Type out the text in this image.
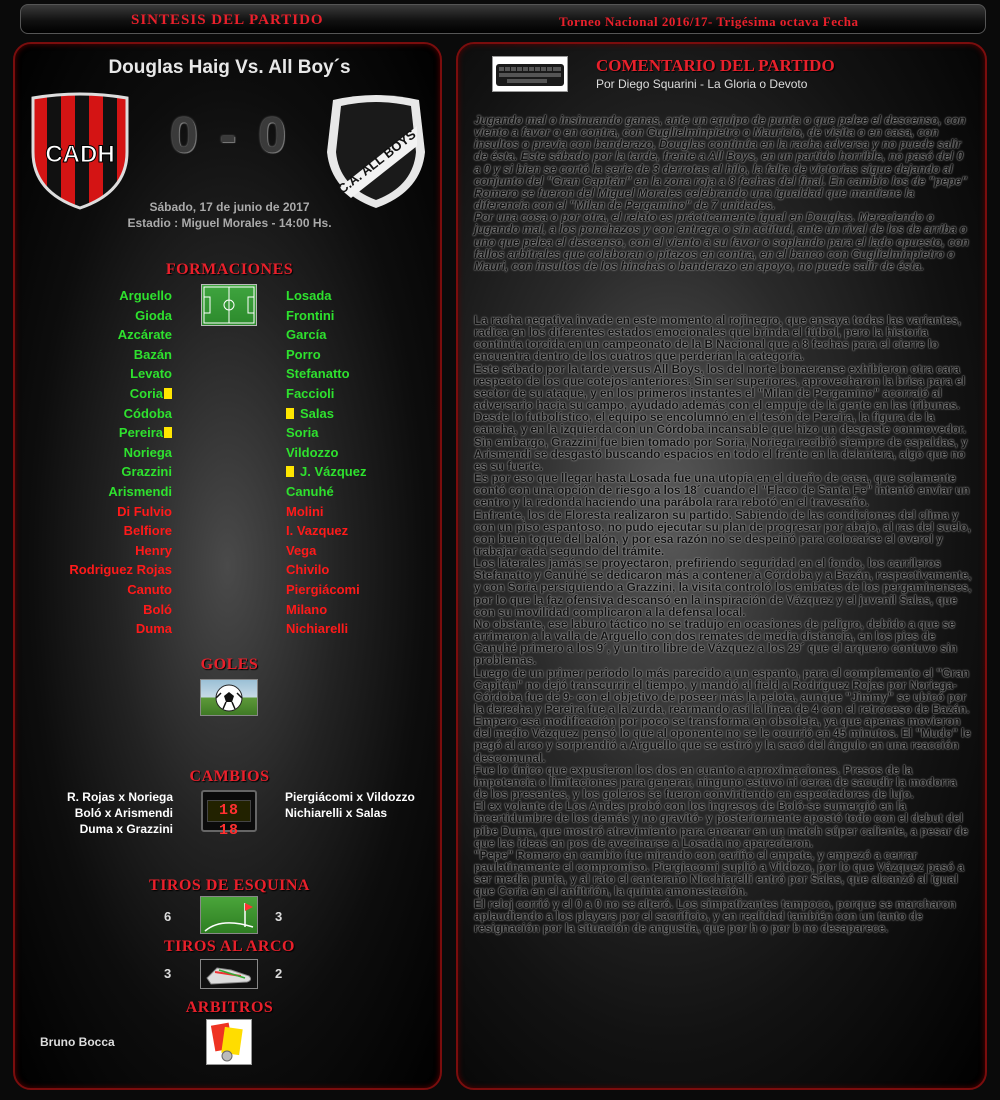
SINTESIS DEL PARTIDO	Torneo Nacional 2016/17- Trigésima octava Fecha
Douglas Haig Vs. All Boy´s
CADH 0 - 0	C.A. ALL BOYS
Sábado, 17 de junio de 2017
Estadio : Miguel Morales - 14:00 Hs.
FORMACIONES
Arguello
Gioda
Azcárate
Bazán
Levato
Coria
Códoba
Pereira
Noriega
Grazzini
Arismendi
Di Fulvio
Belfiore
Henry
Rodriguez Rojas
Canuto
Boló
Duma
Losada
Frontini
García
Porro
Stefanatto
Faccioli
Salas
Soria
Vildozzo
J. Vázquez
Canuhé
Molini
I. Vazquez
Vega
Chivilo
Piergiácomi
Milano
Nichiarelli
GOLES
CAMBIOS
R. Rojas x Noriega
Boló x Arismendi
Duma x Grazzini
18 18
Piergiácomi x Vildozzo
Nichiarelli x Salas
TIROS DE ESQUINA
6	3
TIROS AL ARCO
3	2
ARBITROS
Bruno Bocca
COMENTARIO DEL PARTIDO
Por Diego Squarini - La Gloria o Devoto

Jugando mal o insinuando ganas, ante un equipo de punta o que pelee el descenso, con viento a favor o en contra, con Guglielminpietro o Mauricio, de visita o en casa, con insultos o previa con banderazo, Douglas continúa en la racha adversa y no puede salir de ésta. Este sábado por la tarde, frente a All Boys, en un partido horrible, no pasó del 0 a 0 y si bien se cortó la serie de 3 derrotas al hilo, la falta de victorias sigue dejando al conjunto del "Gran Capitán" en la zona roja a 8 fechas del final. En cambio los de "pepe" Romero se fueron del Miguel Morales celebrando una igualdad que mantiene la diferencia con el "Milan de Pergamino" de 7 unidades.

Por una cosa o por otra, el relato es prácticamente igual en Douglas. Mereciendo o jugando mal, a los ponchazos y con entrega o sin actitud, ante un rival de los de arriba o uno que pelea el descenso, con el viento a su favor o soplando para el lado opuesto, con fallos arbitrales que colaboran o pitazos en contra, en el banco con Guglielminpietro o Mauri, con insultos de los hinchas o banderazo en apoyo, no puede salir de ésta.

La racha negativa invade en este momento al rojinegro, que ensaya todas las variantes, radica en los diferentes estados emocionales que brinda el fútbol, pero la historia continúa torcida en un campeonato de la B Nacional que a 8 fechas para el cierre lo encuentra dentro de los cuatros que perderían la categoría.

Este sábado por la tarde versus All Boys, los del norte bonaerense exhibieron otra cara respecto de los que cotejos anteriores. Sin ser superiores, aprovecharon la brisa para el sector de su ataque, y en los primeros instantes el "Milan de Pergamino" acorraló al adversario hacia su campo, ayudado además con el empuje de la gente en las tribunas.

Desde lo futbolístico, el equipo se encolumnó en el tesón de Pereira, la figura de la cancha, y en la izquierda con un Córdoba incansable que hizo un desgaste conmovedor. Sin embargo, Grazzini fue bien tomado por Soria, Noriega recibió siempre de espaldas, y Arismendi se desgastó buscando espacios en todo el frente en la delantera, algo que no es su fuerte.

Es por eso que llegar hasta Losada fue una utopía en el dueño de casa, que solamente contó con una opción de riesgo a los 18´ cuando el "Flaco de Santa Fe" intentó enviar un centro y la redonda haciendo una parábola rara rebotó en el travesaño.

Enfrente, los de Floresta realizaron su partido. Sabiendo de las condiciones del clima y con un piso espantoso, no pudo ejecutar su plan de progresar por abajo, al ras del suelo, con buen toque del balón, y por esa razón no se despeinó para colocarse el overol y trabajar cada segundo del trámite.

Los laterales jamás se proyectaron, prefiriendo seguridad en el fondo, los carrileros Stefanatto y Canuhé se dedicaron más a contener a Córdoba y a Bazán, respectivamente, y con Soria persiguiendo a Grazzini, la visita controló los embates de los pergaminenses, por lo que la faz ofensiva descansó en la inspiración de Vázquez y el juvenil Salas, que con su movilidad complicaron a la defensa local.

No obstante, ese laburo táctico no se tradujo en ocasiones de peligro, debido a que se arrimaron a la valla de Arguello con dos remates de media distancia, en los pies de Canuhé primero a los 9´, y un tiro libre de Vázquez a los 29´ que el arquero contuvo sin problemas.

Luego de un primer periodo lo más parecido a un espanto, para el complemento el "Gran Capitán" no dejó transcurrir el tiempo, y mandó al field a Rodríguez Rojas por Noriega-Córdoba fue de 9- con el objetivo de poseer más la pelota, aunque "Jimmy" se ubicó por la derecha y Pereira fue a la zurda, rearmando así la línea de 4 con el retroceso de Bazán.

Empero esa modificación por poco se transforma en obsoleta, ya que apenas movieron del medio Vázquez pensó lo que al oponente no se le ocurrió en 45 minutos. El "Mudo" le pegó al arco y sorprendió a Arguello que se estiró y la sacó del ángulo en una reacción descomunal.

Fue lo único que expusieron los dos en cuanto a aproximaciones. Presos de la impotencia o limitaciones para generar, ninguno estuvo ni cerca de sacudir la modorra de los presentes, y los goleros se fueron convirtiendo en espectadores de lujo.

El ex volante de Los Andes probó con los ingresos de Boló-se sumergió en la incertidumbre de los demás y no gravitó- y posteriormente apostó todo con el debut del pibe Duma, que mostró atrevimiento para encarar en un match súper caliente, a pesar de que las ideas en pos de avecinarse a Losada no aparecieron.

"Pepe" Romero en cambio fue mirando con cariño el empate, y empezó a cerrar paulatinamente el compromiso. Piergiacomi suplió a Vildozo, por lo que Vázquez pasó a ser media punta, y al rato el canterano Nicchiarelli entró por Salas, que alcanzó al igual que Coria en el anfitrión, la quinta amonestación.

El reloj corrió y el 0 a 0 no se alteró. Los simpatizantes tampoco, porque se marcharon aplaudiendo a los players por el sacrificio, y en realidad también con un tanto de resignación por la situación de angustia, que por h o por b no desaparece.
